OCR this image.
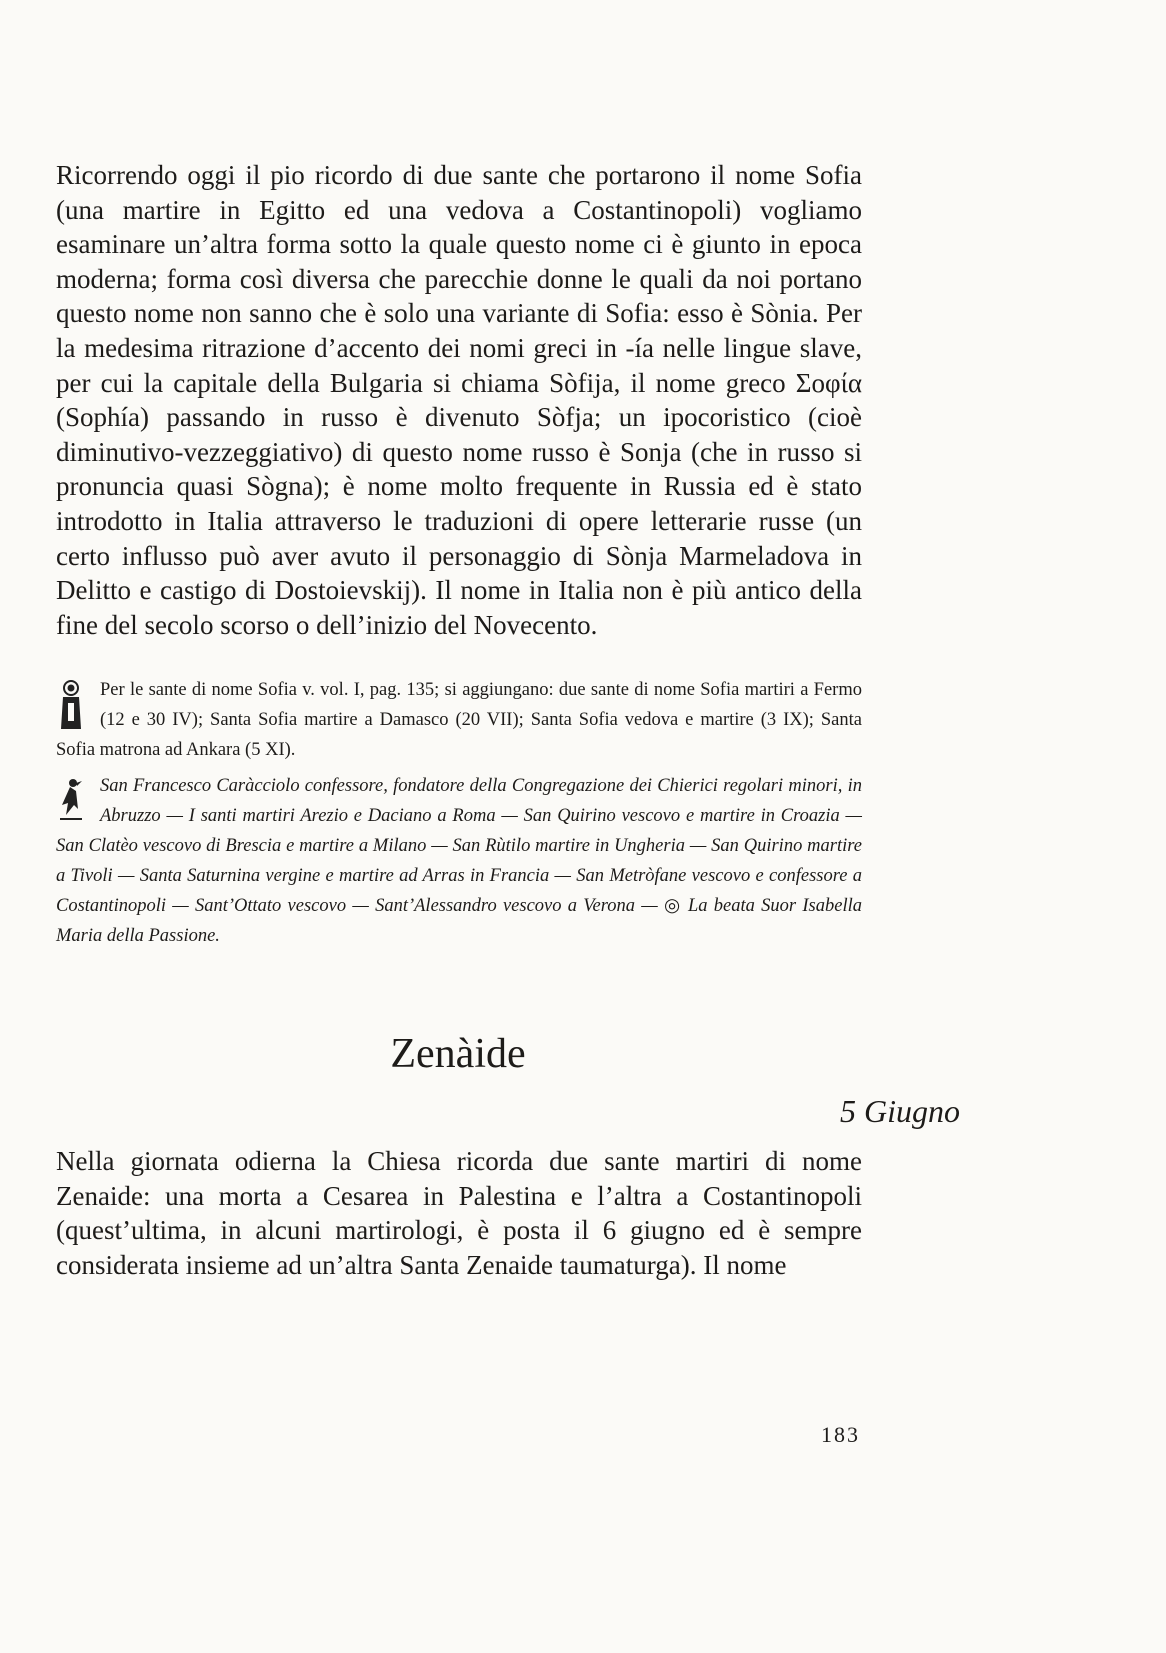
Ricorrendo oggi il pio ricordo di due sante che portarono il nome Sofia (una martire in Egitto ed una vedova a Costantinopoli) vogliamo esaminare un’altra forma sotto la quale questo nome ci è giunto in epoca moderna; forma così diversa che parecchie donne le quali da noi portano questo nome non sanno che è solo una variante di Sofia: esso è Sònia. Per la medesima ritrazione d’accento dei nomi greci in -ía nelle lingue slave, per cui la capitale della Bulgaria si chiama Sòfija, il nome greco Σοφία (Sophía) passando in russo è divenuto Sòfja; un ipocoristico (cioè diminutivo-vezzeggiativo) di questo nome russo è Sonja (che in russo si pronuncia quasi Sògna); è nome molto frequente in Russia ed è stato introdotto in Italia attraverso le traduzioni di opere letterarie russe (un certo influsso può aver avuto il personaggio di Sònja Marmeladova in Delitto e castigo di Dostoievskij). Il nome in Italia non è più antico della fine del secolo scorso o dell’inizio del Novecento.

Per le sante di nome Sofia v. vol. I, pag. 135; si aggiungano: due sante di nome Sofia martiri a Fermo (12 e 30 IV); Santa Sofia martire a Damasco (20 VII); Santa Sofia vedova e martire (3 IX); Santa Sofia matrona ad Ankara (5 XI).
San Francesco Caràcciolo confessore, fondatore della Congregazione dei Chierici regolari minori, in Abruzzo — I santi martiri Arezio e Daciano a Roma — San Quirino vescovo e martire in Croazia — San Clatèo vescovo di Brescia e martire a Milano — San Rùtilo martire in Ungheria — San Quirino martire a Tivoli — Santa Saturnina vergine e martire ad Arras in Francia — San Metròfane vescovo e confessore a Costantinopoli — Sant’Ottato vescovo — Sant’Alessandro vescovo a Verona — ◎ La beata Suor Isabella Maria della Passione.
Zenàide
5 Giugno

Nella giornata odierna la Chiesa ricorda due sante martiri di nome Zenaide: una morta a Cesarea in Palestina e l’altra a Costantinopoli (quest’ultima, in alcuni martirologi, è posta il 6 giugno ed è sempre considerata insieme ad un’altra Santa Zenaide taumaturga). Il nome

183
